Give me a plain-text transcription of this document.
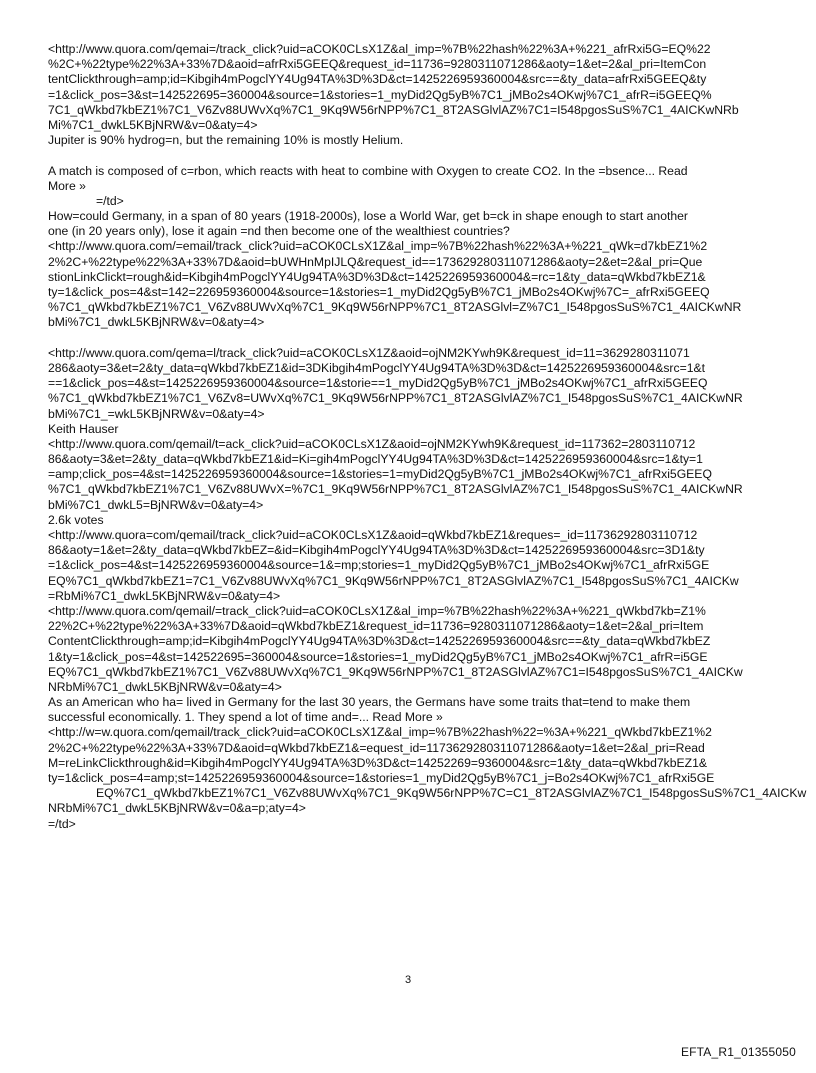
<http://www.quora.com/qemai=/track_click?uid=aCOK0CLsX1Z&al_imp=%7B%22hash%22%3A+%221_afrRxi5G=EQ%22
%2C+%22type%22%3A+33%7D&aoid=afrRxi5GEEQ&request_id=11736=9280311071286&aoty=1&et=2&al_pri=ItemCon
tentClickthrough=amp;id=Kibgih4mPogclYY4Ug94TA%3D%3D&ct=1425226959360004&src==&ty_data=afrRxi5GEEQ&ty
=1&click_pos=3&st=142522695=360004&source=1&stories=1_myDid2Qg5yB%7C1_jMBo2s4OKwj%7C1_afrR=i5GEEQ%
7C1_qWkbd7kbEZ1%7C1_V6Zv88UWvXq%7C1_9Kq9W56rNPP%7C1_8T2ASGlvlAZ%7C1=I548pgosSuS%7C1_4AICKwNRb
Mi%7C1_dwkL5KBjNRW&v=0&aty=4>
Jupiter is 90% hydrog=n, but the remaining 10% is mostly Helium.
A match is composed of c=rbon, which reacts with heat to combine with Oxygen to create CO2. In the =bsence... Read
More »
=/td>
How=could Germany, in a span of 80 years (1918-2000s), lose a World War, get b=ck in shape enough to start another
one (in 20 years only), lose it again =nd then become one of the wealthiest countries?
<http://www.quora.com/=email/track_click?uid=aCOK0CLsX1Z&al_imp=%7B%22hash%22%3A+%221_qWk=d7kbEZ1%2
2%2C+%22type%22%3A+33%7D&aoid=bUWHnMpIJLQ&request_id==173629280311071286&aoty=2&et=2&al_pri=Que
stionLinkClickt=rough&id=Kibgih4mPogclYY4Ug94TA%3D%3D&ct=1425226959360004&=rc=1&ty_data=qWkbd7kbEZ1&
ty=1&click_pos=4&st=142=226959360004&source=1&stories=1_myDid2Qg5yB%7C1_jMBo2s4OKwj%7C=_afrRxi5GEEQ
%7C1_qWkbd7kbEZ1%7C1_V6Zv88UWvXq%7C1_9Kq9W56rNPP%7C1_8T2ASGlvl=Z%7C1_I548pgosSuS%7C1_4AICKwNR
bMi%7C1_dwkL5KBjNRW&v=0&aty=4>
<http://www.quora.com/qema=l/track_click?uid=aCOK0CLsX1Z&aoid=ojNM2KYwh9K&request_id=11=3629280311071
286&aoty=3&et=2&ty_data=qWkbd7kbEZ1&id=3DKibgih4mPogclYY4Ug94TA%3D%3D&ct=1425226959360004&src=1&t
==1&click_pos=4&st=1425226959360004&source=1&storie==1_myDid2Qg5yB%7C1_jMBo2s4OKwj%7C1_afrRxi5GEEQ
%7C1_qWkbd7kbEZ1%7C1_V6Zv8=UWvXq%7C1_9Kq9W56rNPP%7C1_8T2ASGlvlAZ%7C1_I548pgosSuS%7C1_4AICKwNR
bMi%7C1_=wkL5KBjNRW&v=0&aty=4>
Keith Hauser
<http://www.quora.com/qemail/t=ack_click?uid=aCOK0CLsX1Z&aoid=ojNM2KYwh9K&request_id=117362=2803110712
86&aoty=3&et=2&ty_data=qWkbd7kbEZ1&id=Ki=gih4mPogclYY4Ug94TA%3D%3D&ct=1425226959360004&src=1&ty=1
=amp;click_pos=4&st=1425226959360004&source=1&stories=1=myDid2Qg5yB%7C1_jMBo2s4OKwj%7C1_afrRxi5GEEQ
%7C1_qWkbd7kbEZ1%7C1_V6Zv88UWvX=%7C1_9Kq9W56rNPP%7C1_8T2ASGlvlAZ%7C1_I548pgosSuS%7C1_4AICKwNR
bMi%7C1_dwkL5=BjNRW&v=0&aty=4>
2.6k votes
<http://www.quora=com/qemail/track_click?uid=aCOK0CLsX1Z&aoid=qWkbd7kbEZ1&reques=_id=11736292803110712
86&aoty=1&et=2&ty_data=qWkbd7kbEZ=&id=Kibgih4mPogclYY4Ug94TA%3D%3D&ct=1425226959360004&src=3D1&ty
=1&click_pos=4&st=1425226959360004&source=1&=mp;stories=1_myDid2Qg5yB%7C1_jMBo2s4OKwj%7C1_afrRxi5GE
EQ%7C1_qWkbd7kbEZ1=7C1_V6Zv88UWvXq%7C1_9Kq9W56rNPP%7C1_8T2ASGlvlAZ%7C1_I548pgosSuS%7C1_4AICKw
=RbMi%7C1_dwkL5KBjNRW&v=0&aty=4>
<http://www.quora.com/qemail/=track_click?uid=aCOK0CLsX1Z&al_imp=%7B%22hash%22%3A+%221_qWkbd7kb=Z1%
22%2C+%22type%22%3A+33%7D&aoid=qWkbd7kbEZ1&request_id=11736=9280311071286&aoty=1&et=2&al_pri=Item
ContentClickthrough=amp;id=Kibgih4mPogclYY4Ug94TA%3D%3D&ct=1425226959360004&src==&ty_data=qWkbd7kbEZ
1&ty=1&click_pos=4&st=142522695=360004&source=1&stories=1_myDid2Qg5yB%7C1_jMBo2s4OKwj%7C1_afrR=i5GE
EQ%7C1_qWkbd7kbEZ1%7C1_V6Zv88UWvXq%7C1_9Kq9W56rNPP%7C1_8T2ASGlvlAZ%7C1=I548pgosSuS%7C1_4AICKw
NRbMi%7C1_dwkL5KBjNRW&v=0&aty=4>
As an American who ha= lived in Germany for the last 30 years, the Germans have some traits that=tend to make them
successful economically. 1. They spend a lot of time and=... Read More »
<http://w=w.quora.com/qemail/track_click?uid=aCOK0CLsX1Z&al_imp=%7B%22hash%22=%3A+%221_qWkbd7kbEZ1%2
2%2C+%22type%22%3A+33%7D&aoid=qWkbd7kbEZ1&=equest_id=1173629280311071286&aoty=1&et=2&al_pri=Read
M=reLinkClickthrough&id=Kibgih4mPogclYY4Ug94TA%3D%3D&ct=14252269=9360004&src=1&ty_data=qWkbd7kbEZ1&
ty=1&click_pos=4=amp;st=1425226959360004&source=1&stories=1_myDid2Qg5yB%7C1_j=Bo2s4OKwj%7C1_afrRxi5GE
EQ%7C1_qWkbd7kbEZ1%7C1_V6Zv88UWvXq%7C1_9Kq9W56rNPP%7C=C1_8T2ASGlvlAZ%7C1_I548pgosSuS%7C1_4AICKw
NRbMi%7C1_dwkL5KBjNRW&v=0&a=p;aty=4>
=/td>
3
EFTA_R1_01355050
